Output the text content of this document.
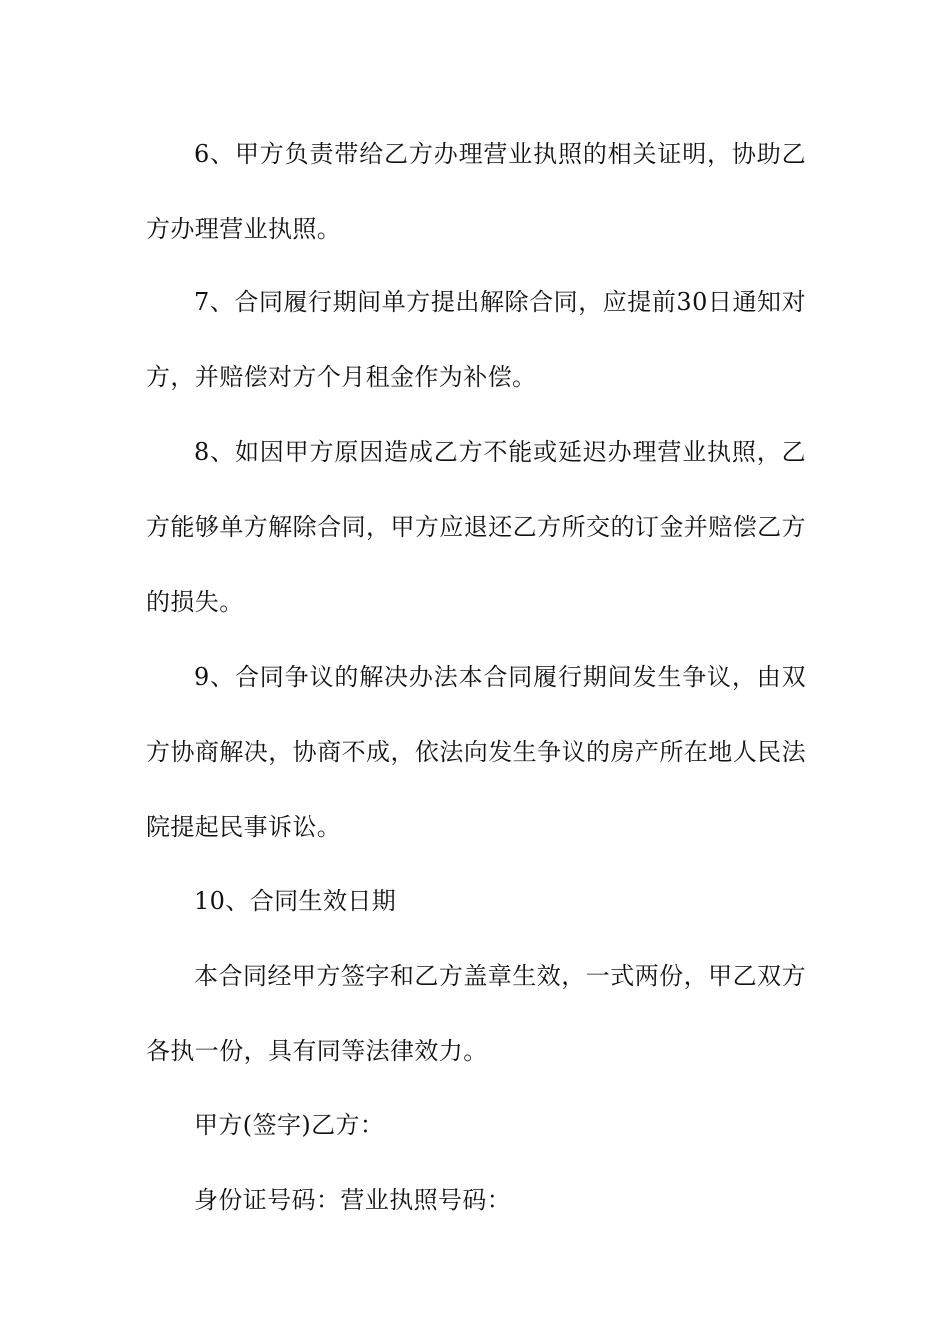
6、甲方负责带给乙方办理营业执照的相关证明，协助乙方办理营业执照。

7、合同履行期间单方提出解除合同，应提前30日通知对方，并赔偿对方个月租金作为补偿。

8、如因甲方原因造成乙方不能或延迟办理营业执照，乙方能够单方解除合同，甲方应退还乙方所交的订金并赔偿乙方的损失。

9、合同争议的解决办法本合同履行期间发生争议，由双方协商解决，协商不成，依法向发生争议的房产所在地人民法院提起民事诉讼。

10、合同生效日期

本合同经甲方签字和乙方盖章生效，一式两份，甲乙双方各执一份，具有同等法律效力。

甲方(签字)乙方：

身份证号码：营业执照号码：
